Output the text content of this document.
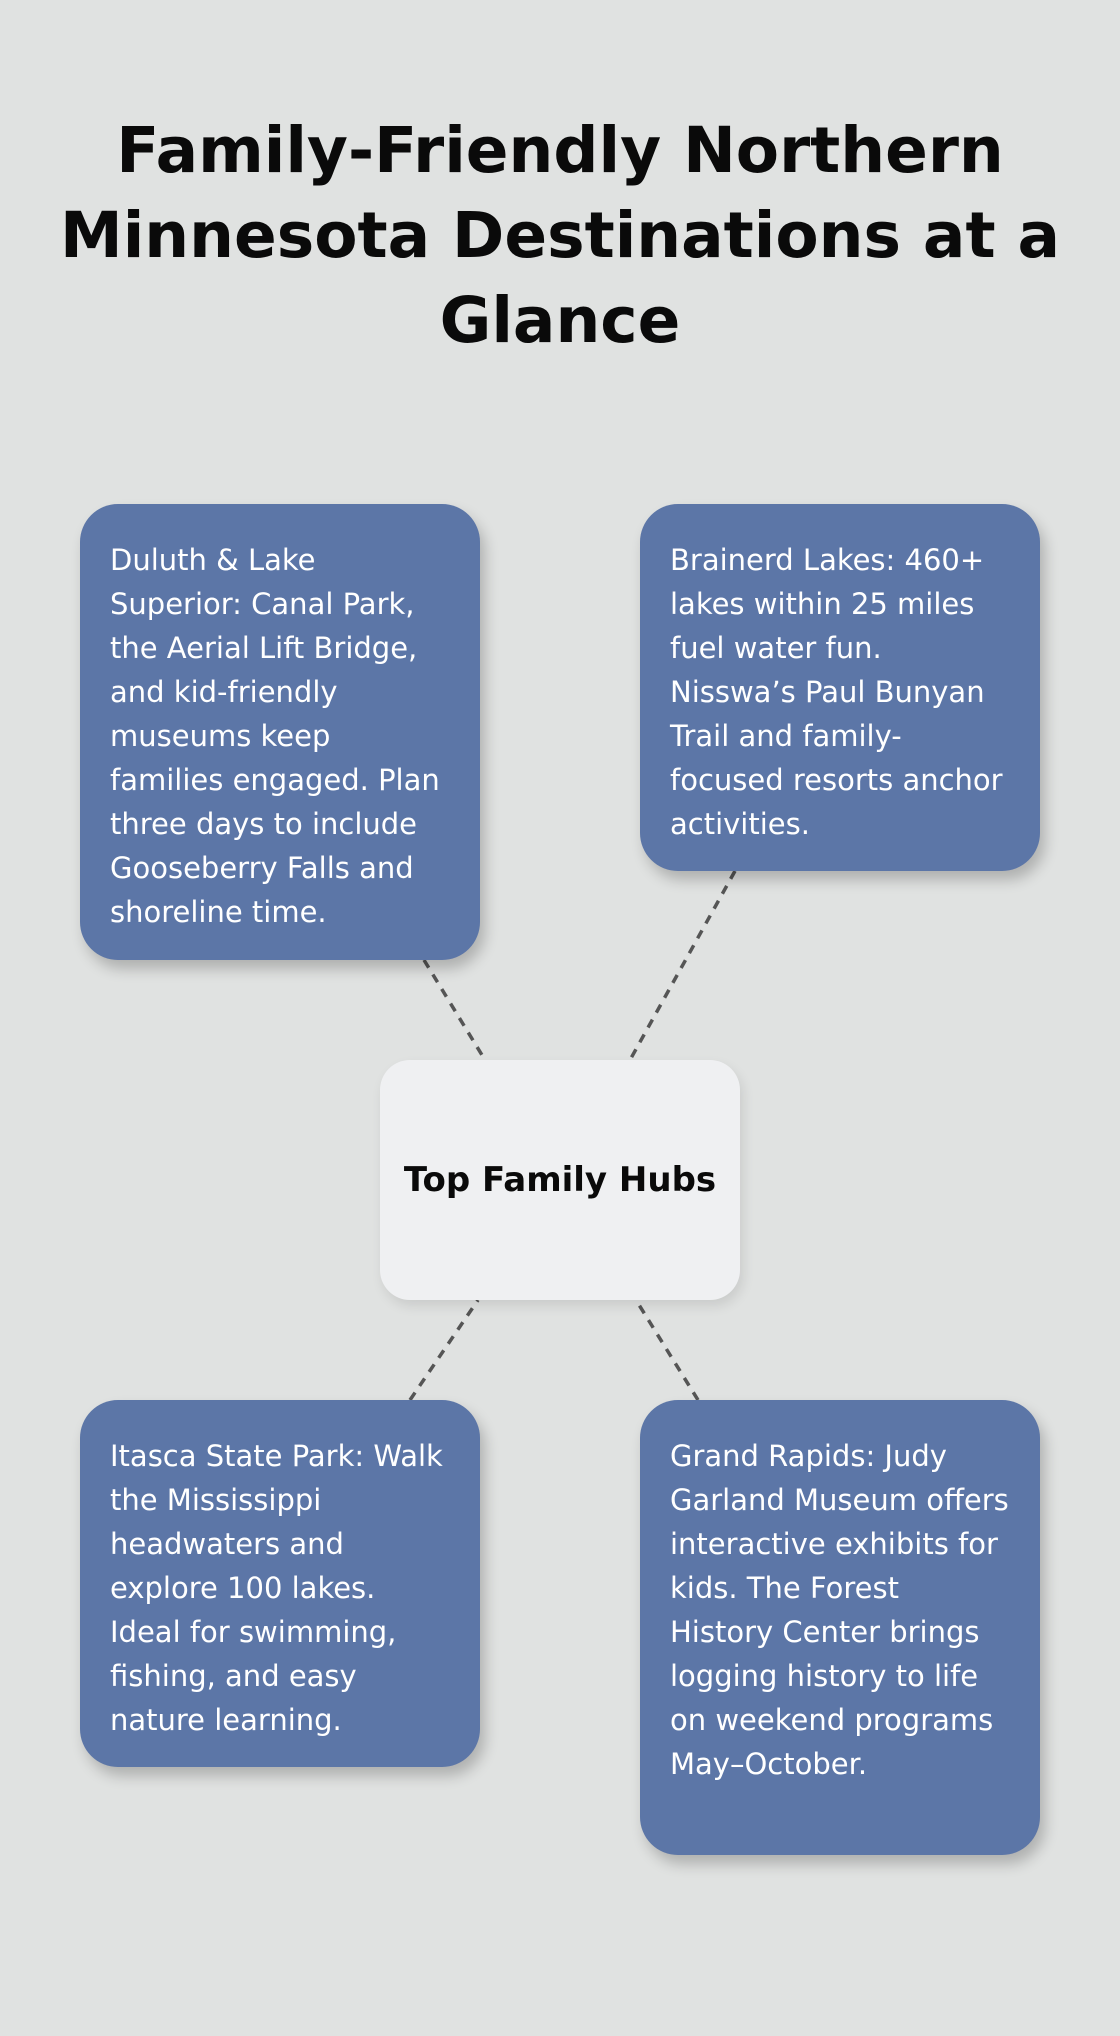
Family-Friendly Northern Minnesota Destinations at a Glance
Duluth & Lake Superior: Canal Park, the Aerial Lift Bridge, and kid-friendly museums keep families engaged. Plan three days to include Gooseberry Falls and shoreline time.
Brainerd Lakes: 460+ lakes within 25 miles fuel water fun. Nisswa’s Paul Bunyan Trail and family-focused resorts anchor activities.
Top Family Hubs
Itasca State Park: Walk the Mississippi headwaters and explore 100 lakes. Ideal for swimming, fishing, and easy nature learning.
Grand Rapids: Judy Garland Museum offers interactive exhibits for kids. The Forest History Center brings logging history to life on weekend programs May–October.
